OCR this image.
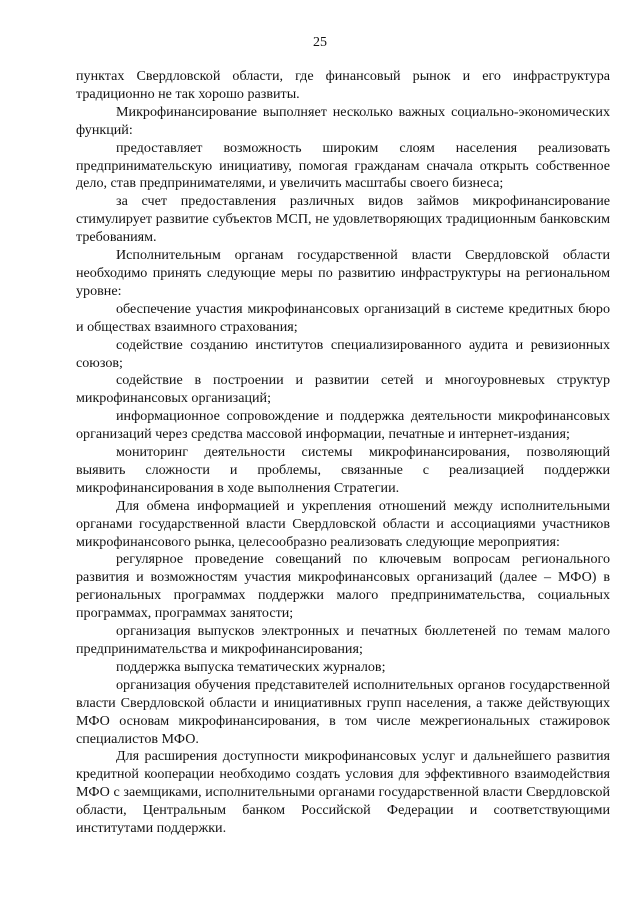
25

пунктах Свердловской области, где финансовый рынок и его инфраструктура традиционно не так хорошо развиты.

Микрофинансирование выполняет несколько важных социально-экономических функций:

предоставляет возможность широким слоям населения реализовать предпринимательскую инициативу, помогая гражданам сначала открыть собственное дело, став предпринимателями, и увеличить масштабы своего бизнеса;

за счет предоставления различных видов займов микрофинансирование стимулирует развитие субъектов МСП, не удовлетворяющих традиционным банковским требованиям.

Исполнительным органам государственной власти Свердловской области необходимо принять следующие меры по развитию инфраструктуры на региональном уровне:

обеспечение участия микрофинансовых организаций в системе кредитных бюро и обществах взаимного страхования;

содействие созданию институтов специализированного аудита и ревизионных союзов;

содействие в построении и развитии сетей и многоуровневых структур микрофинансовых организаций;

информационное сопровождение и поддержка деятельности микрофинансовых организаций через средства массовой информации, печатные и интернет-издания;

мониторинг деятельности системы микрофинансирования, позволяющий выявить сложности и проблемы, связанные с реализацией поддержки микрофинансирования в ходе выполнения Стратегии.

Для обмена информацией и укрепления отношений между исполнительными органами государственной власти Свердловской области и ассоциациями участников микрофинансового рынка, целесообразно реализовать следующие мероприятия:

регулярное проведение совещаний по ключевым вопросам регионального развития и возможностям участия микрофинансовых организаций (далее – МФО) в региональных программах поддержки малого предпринимательства, социальных программах, программах занятости;

организация выпусков электронных и печатных бюллетеней по темам малого предпринимательства и микрофинансирования;

поддержка выпуска тематических журналов;

организация обучения представителей исполнительных органов государственной власти Свердловской области и инициативных групп населения, а также действующих МФО основам микрофинансирования, в том числе межрегиональных стажировок специалистов МФО.

Для расширения доступности микрофинансовых услуг и дальнейшего развития кредитной кооперации необходимо создать условия для эффективного взаимодействия МФО с заемщиками, исполнительными органами государственной власти Свердловской области, Центральным банком Российской Федерации и соответствующими институтами поддержки.
